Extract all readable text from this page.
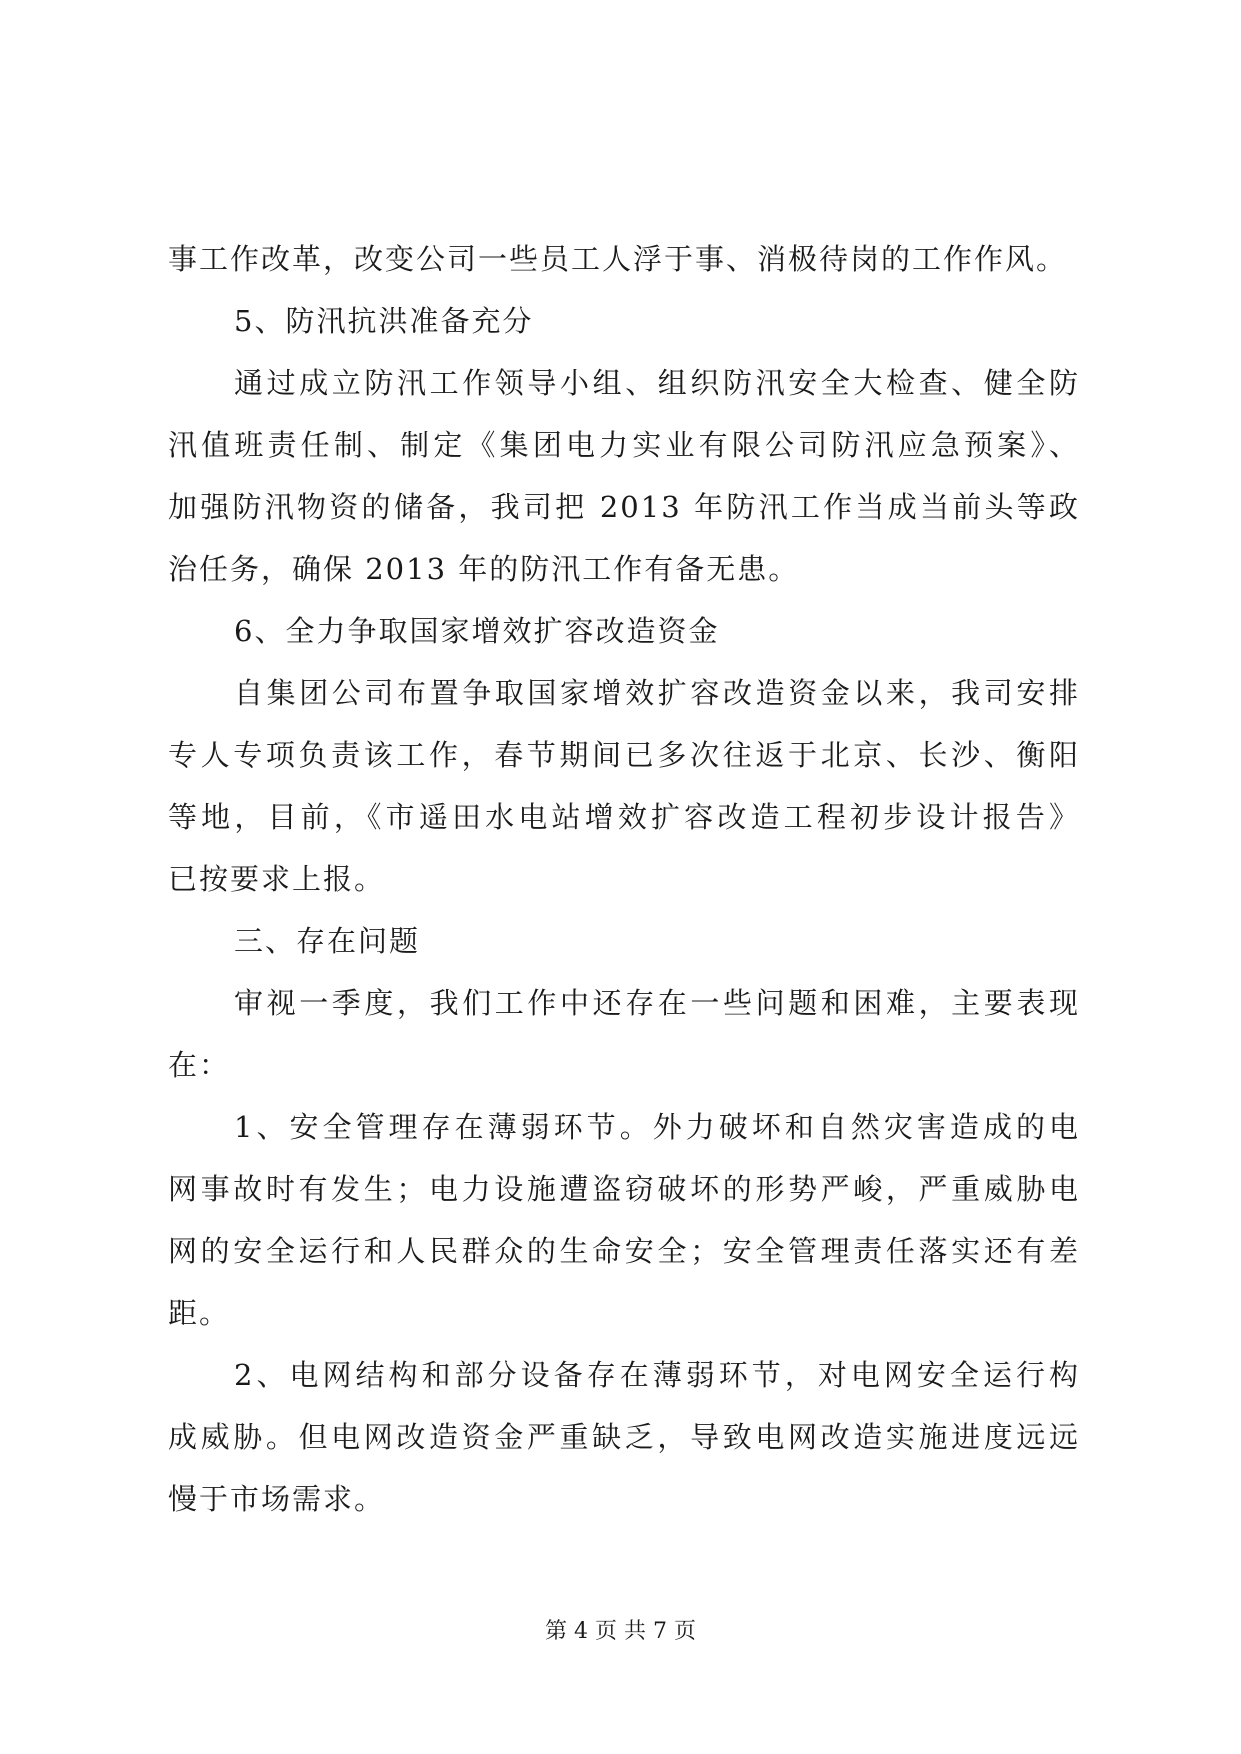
事工作改革，改变公司一些员工人浮于事、消极待岗的工作作风。
5、防汛抗洪准备充分
通过成立防汛工作领导小组、组织防汛安全大检查、健全防
汛值班责任制、制定《集团电力实业有限公司防汛应急预案》、
加强防汛物资的储备，我司把 2013 年防汛工作当成当前头等政
治任务，确保 2013 年的防汛工作有备无患。
6、全力争取国家增效扩容改造资金
自集团公司布置争取国家增效扩容改造资金以来，我司安排
专人专项负责该工作，春节期间已多次往返于北京、长沙、衡阳
等地，目前，《市遥田水电站增效扩容改造工程初步设计报告》
已按要求上报。
三、存在问题
审视一季度，我们工作中还存在一些问题和困难，主要表现
在：
1、安全管理存在薄弱环节。外力破坏和自然灾害造成的电
网事故时有发生；电力设施遭盗窃破坏的形势严峻，严重威胁电
网的安全运行和人民群众的生命安全；安全管理责任落实还有差
距。
2、电网结构和部分设备存在薄弱环节，对电网安全运行构
成威胁。但电网改造资金严重缺乏，导致电网改造实施进度远远
慢于市场需求。
第 4 页 共 7 页
